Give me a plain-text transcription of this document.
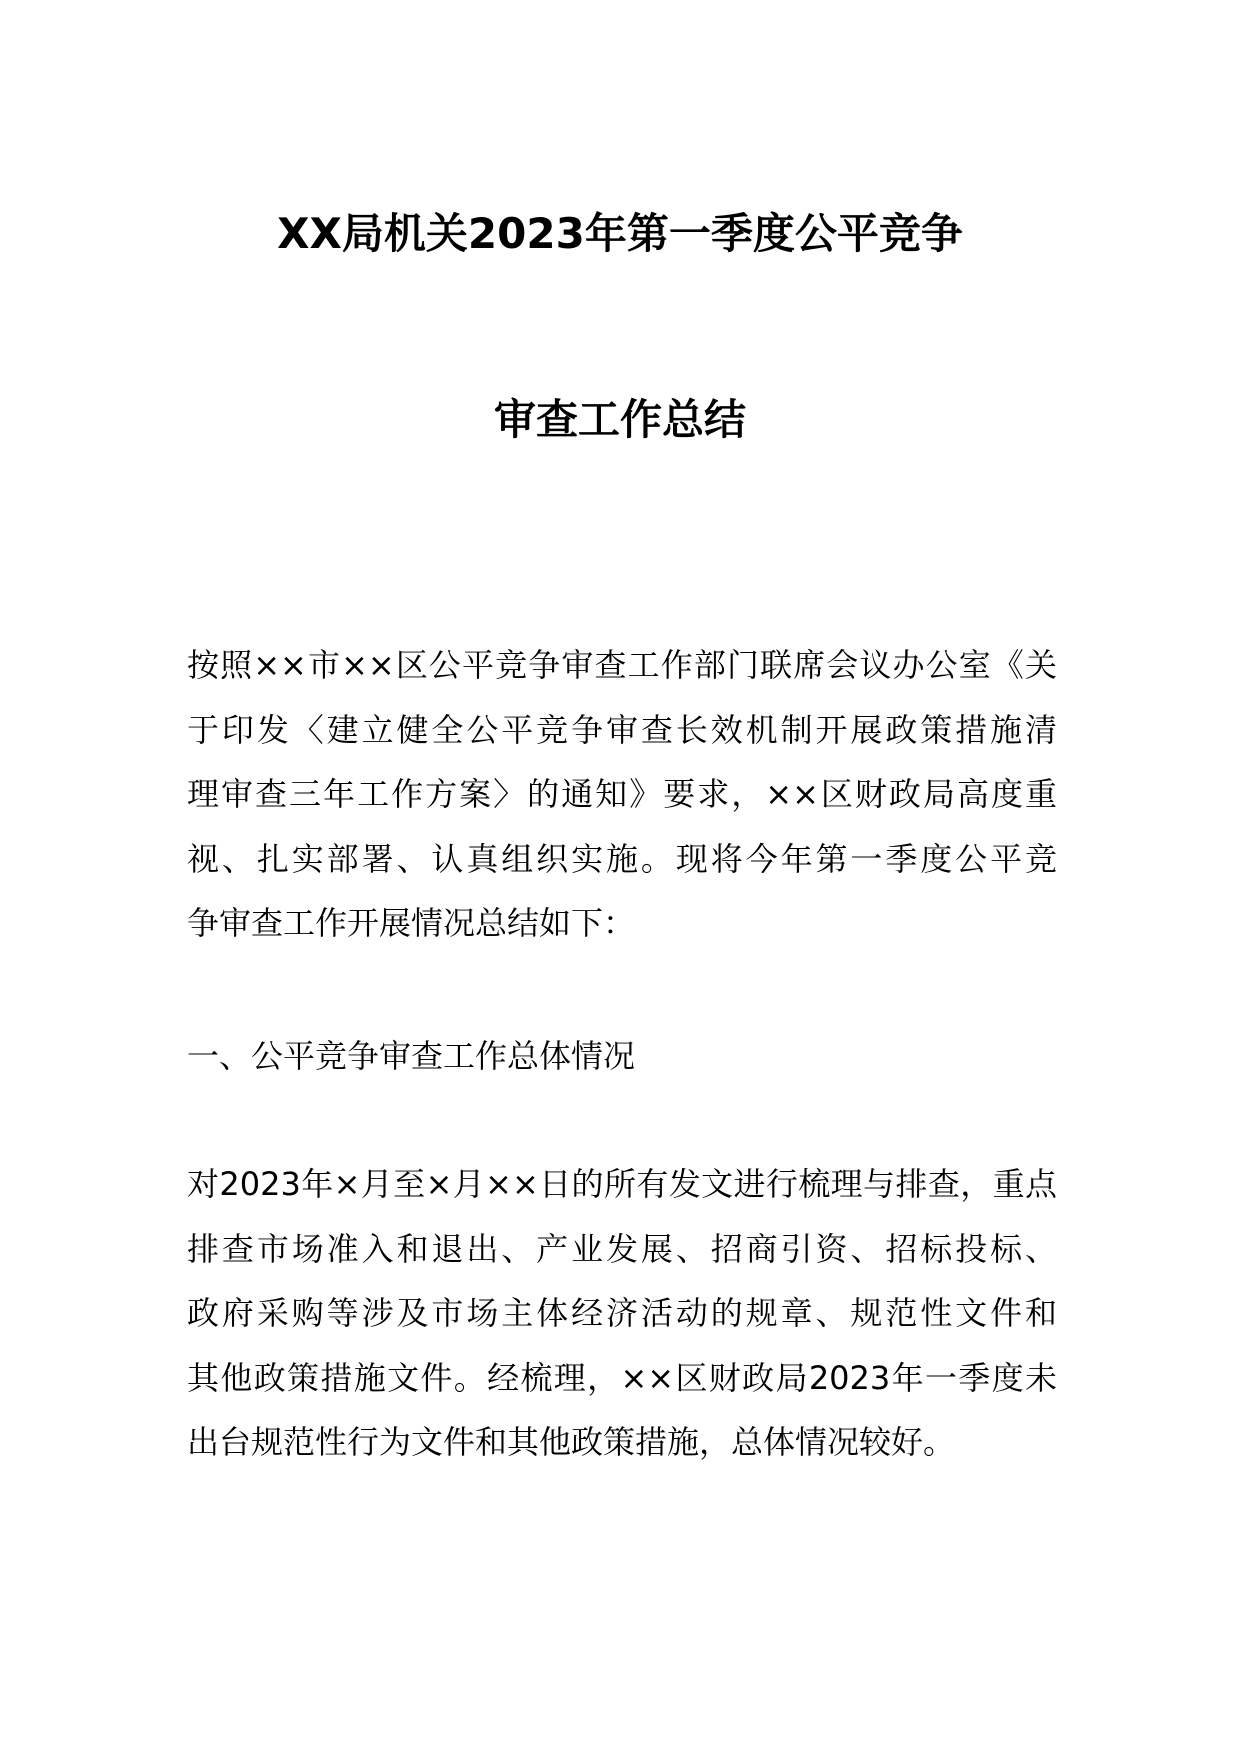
XX局机关2023年第一季度公平竞争
审查工作总结
按照××市××区公平竞争审查工作部门联席会议办公室《关
于印发〈建立健全公平竞争审查长效机制开展政策措施清
理审查三年工作方案〉的通知》要求，××区财政局高度重
视、扎实部署、认真组织实施。现将今年第一季度公平竞
争审查工作开展情况总结如下：
一、公平竞争审查工作总体情况
对2023年×月至×月××日的所有发文进行梳理与排查，重点
排查市场准入和退出、产业发展、招商引资、招标投标、
政府采购等涉及市场主体经济活动的规章、规范性文件和
其他政策措施文件。经梳理，××区财政局2023年一季度未
出台规范性行为文件和其他政策措施，总体情况较好。
